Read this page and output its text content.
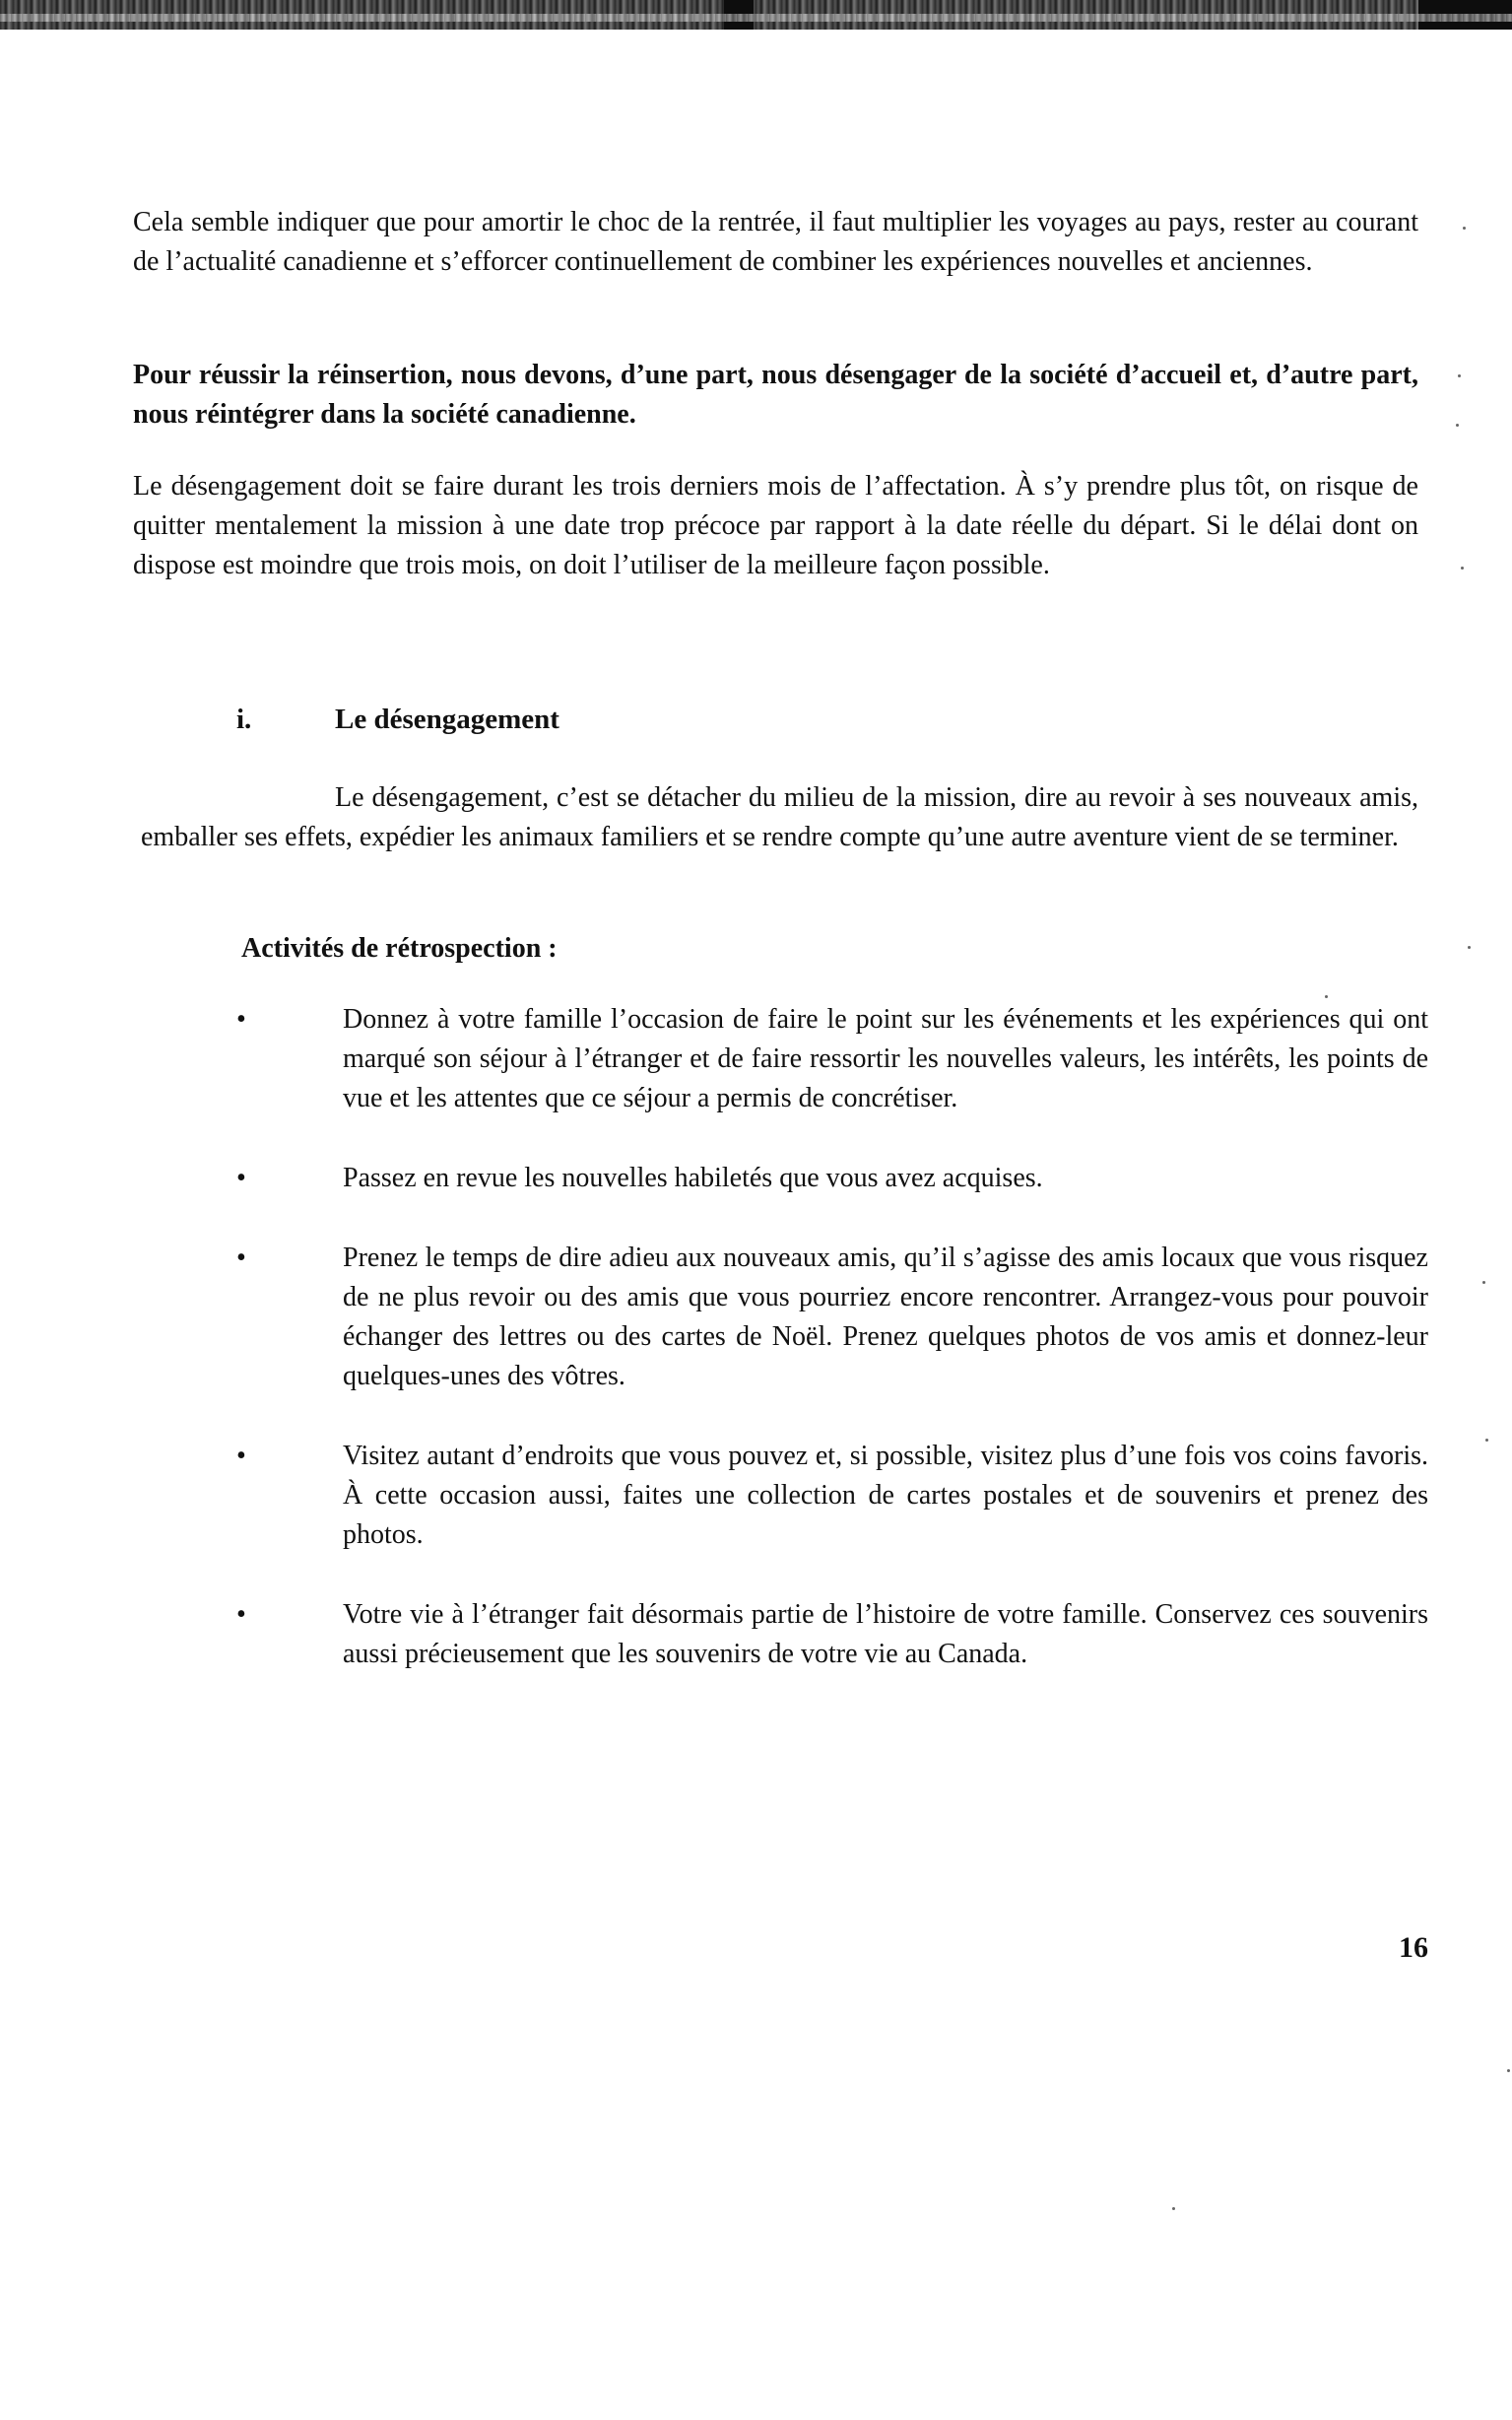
Cela semble indiquer que pour amortir le choc de la rentrée, il faut multiplier les voyages au pays, rester au courant de l’actualité canadienne et s’efforcer continuellement de combiner les expériences nouvelles et anciennes.

Pour réussir la réinsertion, nous devons, d’une part, nous désengager de la société d’accueil et, d’autre part, nous réintégrer dans la société canadienne.

Le désengagement doit se faire durant les trois derniers mois de l’affectation. À s’y prendre plus tôt, on risque de quitter mentalement la mission à une date trop précoce par rapport à la date réelle du départ. Si le délai dont on dispose est moindre que trois mois, on doit l’utiliser de la meilleure façon possible.

i.	Le désengagement

Le désengagement, c’est se détacher du milieu de la mission, dire au revoir à ses nouveaux amis, emballer ses effets, expédier les animaux familiers et se rendre compte qu’une autre aventure vient de se terminer.

Activités de rétrospection :
•	Donnez à votre famille l’occasion de faire le point sur les événements et les expériences qui ont marqué son séjour à l’étranger et de faire ressortir les nouvelles valeurs, les intérêts, les points de vue et les attentes que ce séjour a permis de concrétiser.
•	Passez en revue les nouvelles habiletés que vous avez acquises.
•	Prenez le temps de dire adieu aux nouveaux amis, qu’il s’agisse des amis locaux que vous risquez de ne plus revoir ou des amis que vous pourriez encore rencontrer. Arrangez-vous pour pouvoir échanger des lettres ou des cartes de Noël. Prenez quelques photos de vos amis et donnez-leur quelques-unes des vôtres.
•	Visitez autant d’endroits que vous pouvez et, si possible, visitez plus d’une fois vos coins favoris. À cette occasion aussi, faites une collection de cartes postales et de souvenirs et prenez des photos.
•	Votre vie à l’étranger fait désormais partie de l’histoire de votre famille. Conservez ces souvenirs aussi précieusement que les souvenirs de votre vie au Canada.

16
